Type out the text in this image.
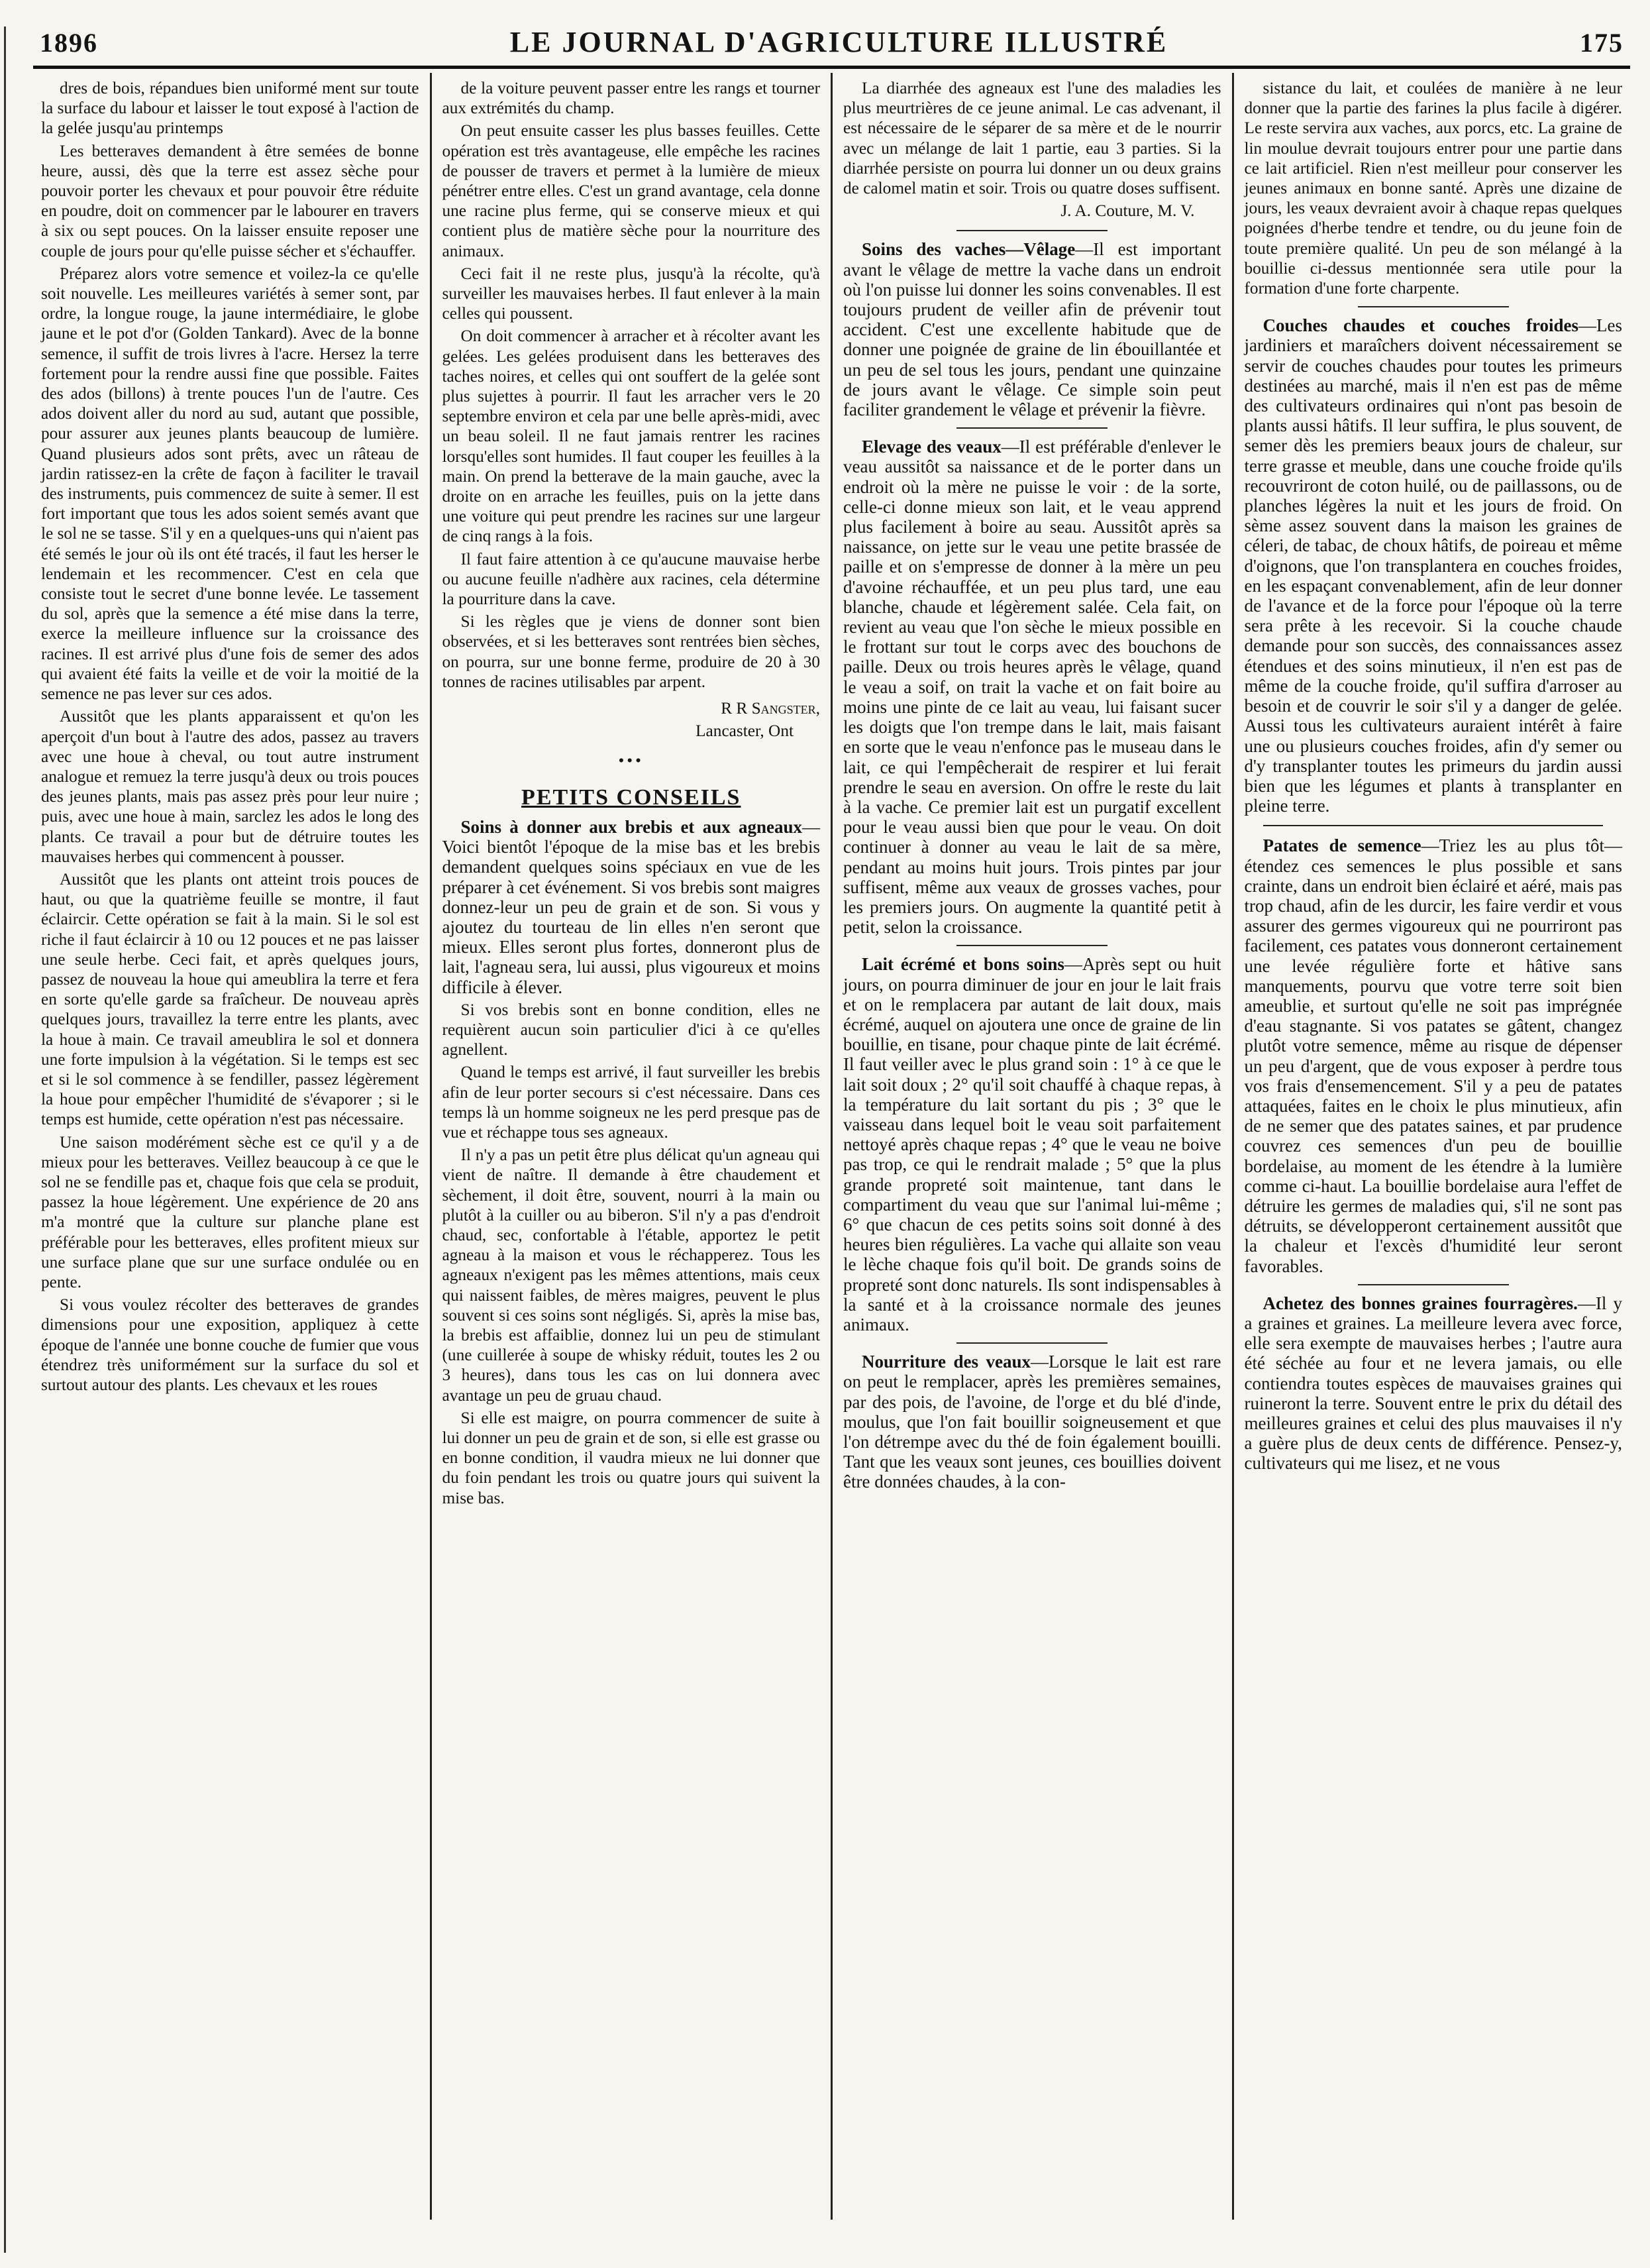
1896	LE JOURNAL D'AGRICULTURE ILLUSTRÉ	175

dres de bois, répandues bien uniformé ment sur toute la surface du labour et laisser le tout exposé à l'action de la gelée jusqu'au printemps

Les betteraves demandent à être semées de bonne heure, aussi, dès que la terre est assez sèche pour pouvoir porter les chevaux et pour pouvoir être réduite en poudre, doit on commencer par le labourer en travers à six ou sept pouces. On la laisser ensuite reposer une couple de jours pour qu'elle puisse sécher et s'échauffer.

Préparez alors votre semence et voilez-la ce qu'elle soit nouvelle. Les meilleures variétés à semer sont, par ordre, la longue rouge, la jaune intermédiaire, le globe jaune et le pot d'or (Golden Tankard). Avec de la bonne semence, il suffit de trois livres à l'acre. Hersez la terre fortement pour la rendre aussi fine que possible. Faites des ados (billons) à trente pouces l'un de l'autre. Ces ados doivent aller du nord au sud, autant que possible, pour assurer aux jeunes plants beaucoup de lumière. Quand plusieurs ados sont prêts, avec un râteau de jardin ratissez-en la crête de façon à faciliter le travail des instruments, puis commencez de suite à semer. Il est fort important que tous les ados soient semés avant que le sol ne se tasse. S'il y en a quelques-uns qui n'aient pas été semés le jour où ils ont été tracés, il faut les herser le lendemain et les recommencer. C'est en cela que consiste tout le secret d'une bonne levée. Le tassement du sol, après que la semence a été mise dans la terre, exerce la meilleure influence sur la croissance des racines. Il est arrivé plus d'une fois de semer des ados qui avaient été faits la veille et de voir la moitié de la semence ne pas lever sur ces ados.

Aussitôt que les plants apparaissent et qu'on les aperçoit d'un bout à l'autre des ados, passez au travers avec une houe à cheval, ou tout autre instrument analogue et remuez la terre jusqu'à deux ou trois pouces des jeunes plants, mais pas assez près pour leur nuire ; puis, avec une houe à main, sarclez les ados le long des plants. Ce travail a pour but de détruire toutes les mauvaises herbes qui commencent à pousser.

Aussitôt que les plants ont atteint trois pouces de haut, ou que la quatrième feuille se montre, il faut éclaircir. Cette opération se fait à la main. Si le sol est riche il faut éclaircir à 10 ou 12 pouces et ne pas laisser une seule herbe. Ceci fait, et après quelques jours, passez de nouveau la houe qui ameublira la terre et fera en sorte qu'elle garde sa fraîcheur. De nouveau après quelques jours, travaillez la terre entre les plants, avec la houe à main. Ce travail ameublira le sol et donnera une forte impulsion à la végétation. Si le temps est sec et si le sol commence à se fendiller, passez légèrement la houe pour empêcher l'humidité de s'évaporer ; si le temps est humide, cette opération n'est pas nécessaire.

Une saison modérément sèche est ce qu'il y a de mieux pour les betteraves. Veillez beaucoup à ce que le sol ne se fendille pas et, chaque fois que cela se produit, passez la houe légèrement. Une expérience de 20 ans m'a montré que la culture sur planche plane est préférable pour les betteraves, elles profitent mieux sur une surface plane que sur une surface ondulée ou en pente.

Si vous voulez récolter des betteraves de grandes dimensions pour une exposition, appliquez à cette époque de l'année une bonne couche de fumier que vous étendrez très uniformément sur la surface du sol et surtout autour des plants. Les chevaux et les roues

de la voiture peuvent passer entre les rangs et tourner aux extrémités du champ.

On peut ensuite casser les plus basses feuilles. Cette opération est très avantageuse, elle empêche les racines de pousser de travers et permet à la lumière de mieux pénétrer entre elles. C'est un grand avantage, cela donne une racine plus ferme, qui se conserve mieux et qui contient plus de matière sèche pour la nourriture des animaux.

Ceci fait il ne reste plus, jusqu'à la récolte, qu'à surveiller les mauvaises herbes. Il faut enlever à la main celles qui poussent.

On doit commencer à arracher et à récolter avant les gelées. Les gelées produisent dans les betteraves des taches noires, et celles qui ont souffert de la gelée sont plus sujettes à pourrir. Il faut les arracher vers le 20 septembre environ et cela par une belle après-midi, avec un beau soleil. Il ne faut jamais rentrer les racines lorsqu'elles sont humides. Il faut couper les feuilles à la main. On prend la betterave de la main gauche, avec la droite on en arrache les feuilles, puis on la jette dans une voiture qui peut prendre les racines sur une largeur de cinq rangs à la fois.

Il faut faire attention à ce qu'aucune mauvaise herbe ou aucune feuille n'adhère aux racines, cela détermine la pourriture dans la cave.

Si les règles que je viens de donner sont bien observées, et si les betteraves sont rentrées bien sèches, on pourra, sur une bonne ferme, produire de 20 à 30 tonnes de racines utilisables par arpent.

R R Sangster,
Lancaster, Ont
•••
PETITS CONSEILS
Soins à donner aux brebis et aux agneaux—Voici bientôt l'époque de la mise bas et les brebis demandent quelques soins spéciaux en vue de les préparer à cet événement. Si vos brebis sont maigres donnez-leur un peu de grain et de son. Si vous y ajoutez du tourteau de lin elles n'en seront que mieux. Elles seront plus fortes, donneront plus de lait, l'agneau sera, lui aussi, plus vigoureux et moins difficile à élever.

Si vos brebis sont en bonne condition, elles ne requièrent aucun soin particulier d'ici à ce qu'elles agnellent.

Quand le temps est arrivé, il faut surveiller les brebis afin de leur porter secours si c'est nécessaire. Dans ces temps là un homme soigneux ne les perd presque pas de vue et réchappe tous ses agneaux.

Il n'y a pas un petit être plus délicat qu'un agneau qui vient de naître. Il demande à être chaudement et sèchement, il doit être, souvent, nourri à la main ou plutôt à la cuiller ou au biberon. S'il n'y a pas d'endroit chaud, sec, confortable à l'étable, apportez le petit agneau à la maison et vous le réchapperez. Tous les agneaux n'exigent pas les mêmes attentions, mais ceux qui naissent faibles, de mères maigres, peuvent le plus souvent si ces soins sont négligés. Si, après la mise bas, la brebis est affaiblie, donnez lui un peu de stimulant (une cuillerée à soupe de whisky réduit, toutes les 2 ou 3 heures), dans tous les cas on lui donnera avec avantage un peu de gruau chaud.

Si elle est maigre, on pourra commencer de suite à lui donner un peu de grain et de son, si elle est grasse ou en bonne condition, il vaudra mieux ne lui donner que du foin pendant les trois ou quatre jours qui suivent la mise bas.

La diarrhée des agneaux est l'une des maladies les plus meurtrières de ce jeune animal. Le cas advenant, il est nécessaire de le séparer de sa mère et de le nourrir avec un mélange de lait 1 partie, eau 3 parties. Si la diarrhée persiste on pourra lui donner un ou deux grains de calomel matin et soir. Trois ou quatre doses suffisent.

J. A. Couture, M. V.
Soins des vaches—Vêlage—Il est important avant le vêlage de mettre la vache dans un endroit où l'on puisse lui donner les soins convenables. Il est toujours prudent de veiller afin de prévenir tout accident. C'est une excellente habitude que de donner une poignée de graine de lin ébouillantée et un peu de sel tous les jours, pendant une quinzaine de jours avant le vêlage. Ce simple soin peut faciliter grandement le vêlage et prévenir la fièvre.
Elevage des veaux—Il est préférable d'enlever le veau aussitôt sa naissance et de le porter dans un endroit où la mère ne puisse le voir : de la sorte, celle-ci donne mieux son lait, et le veau apprend plus facilement à boire au seau. Aussitôt après sa naissance, on jette sur le veau une petite brassée de paille et on s'empresse de donner à la mère un peu d'avoine réchauffée, et un peu plus tard, une eau blanche, chaude et légèrement salée. Cela fait, on revient au veau que l'on sèche le mieux possible en le frottant sur tout le corps avec des bouchons de paille. Deux ou trois heures après le vêlage, quand le veau a soif, on trait la vache et on fait boire au moins une pinte de ce lait au veau, lui faisant sucer les doigts que l'on trempe dans le lait, mais faisant en sorte que le veau n'enfonce pas le museau dans le lait, ce qui l'empêcherait de respirer et lui ferait prendre le seau en aversion. On offre le reste du lait à la vache. Ce premier lait est un purgatif excellent pour le veau aussi bien que pour le veau. On doit continuer à donner au veau le lait de sa mère, pendant au moins huit jours. Trois pintes par jour suffisent, même aux veaux de grosses vaches, pour les premiers jours. On augmente la quantité petit à petit, selon la croissance.
Lait écrémé et bons soins—Après sept ou huit jours, on pourra diminuer de jour en jour le lait frais et on le remplacera par autant de lait doux, mais écrémé, auquel on ajoutera une once de graine de lin bouillie, en tisane, pour chaque pinte de lait écrémé. Il faut veiller avec le plus grand soin : 1° à ce que le lait soit doux ; 2° qu'il soit chauffé à chaque repas, à la température du lait sortant du pis ; 3° que le vaisseau dans lequel boit le veau soit parfaitement nettoyé après chaque repas ; 4° que le veau ne boive pas trop, ce qui le rendrait malade ; 5° que la plus grande propreté soit maintenue, tant dans le compartiment du veau que sur l'animal lui-même ; 6° que chacun de ces petits soins soit donné à des heures bien régulières. La vache qui allaite son veau le lèche chaque fois qu'il boit. De grands soins de propreté sont donc naturels. Ils sont indispensables à la santé et à la croissance normale des jeunes animaux.
Nourriture des veaux—Lorsque le lait est rare on peut le remplacer, après les premières semaines, par des pois, de l'avoine, de l'orge et du blé d'inde, moulus, que l'on fait bouillir soigneusement et que l'on détrempe avec du thé de foin également bouilli. Tant que les veaux sont jeunes, ces bouillies doivent être données chaudes, à la con-

sistance du lait, et coulées de manière à ne leur donner que la partie des farines la plus facile à digérer. Le reste servira aux vaches, aux porcs, etc. La graine de lin moulue devrait toujours entrer pour une partie dans ce lait artificiel. Rien n'est meilleur pour conserver les jeunes animaux en bonne santé. Après une dizaine de jours, les veaux devraient avoir à chaque repas quelques poignées d'herbe tendre et tendre, ou du jeune foin de toute première qualité. Un peu de son mélangé à la bouillie ci-dessus mentionnée sera utile pour la formation d'une forte charpente.

Couches chaudes et couches froides—Les jardiniers et maraîchers doivent nécessairement se servir de couches chaudes pour toutes les primeurs destinées au marché, mais il n'en est pas de même des cultivateurs ordinaires qui n'ont pas besoin de plants aussi hâtifs. Il leur suffira, le plus souvent, de semer dès les premiers beaux jours de chaleur, sur terre grasse et meuble, dans une couche froide qu'ils recouvriront de coton huilé, ou de paillassons, ou de planches légères la nuit et les jours de froid. On sème assez souvent dans la maison les graines de céleri, de tabac, de choux hâtifs, de poireau et même d'oignons, que l'on transplantera en couches froides, en les espaçant convenablement, afin de leur donner de l'avance et de la force pour l'époque où la terre sera prête à les recevoir. Si la couche chaude demande pour son succès, des connaissances assez étendues et des soins minutieux, il n'en est pas de même de la couche froide, qu'il suffira d'arroser au besoin et de couvrir le soir s'il y a danger de gelée. Aussi tous les cultivateurs auraient intérêt à faire une ou plusieurs couches froides, afin d'y semer ou d'y transplanter toutes les primeurs du jardin aussi bien que les légumes et plants à transplanter en pleine terre.
Patates de semence—Triez les au plus tôt—étendez ces semences le plus possible et sans crainte, dans un endroit bien éclairé et aéré, mais pas trop chaud, afin de les durcir, les faire verdir et vous assurer des germes vigoureux qui ne pourriront pas facilement, ces patates vous donneront certainement une levée régulière forte et hâtive sans manquements, pourvu que votre terre soit bien ameublie, et surtout qu'elle ne soit pas imprégnée d'eau stagnante. Si vos patates se gâtent, changez plutôt votre semence, même au risque de dépenser un peu d'argent, que de vous exposer à perdre tous vos frais d'ensemencement. S'il y a peu de patates attaquées, faites en le choix le plus minutieux, afin de ne semer que des patates saines, et par prudence couvrez ces semences d'un peu de bouillie bordelaise, au moment de les étendre à la lumière comme ci-haut. La bouillie bordelaise aura l'effet de détruire les germes de maladies qui, s'il ne sont pas détruits, se développeront certainement aussitôt que la chaleur et l'excès d'humidité leur seront favorables.
Achetez des bonnes graines fourragères.—Il y a graines et graines. La meilleure levera avec force, elle sera exempte de mauvaises herbes ; l'autre aura été séchée au four et ne levera jamais, ou elle contiendra toutes espèces de mauvaises graines qui ruineront la terre. Souvent entre le prix du détail des meilleures graines et celui des plus mauvaises il n'y a guère plus de deux cents de différence. Pensez-y, cultivateurs qui me lisez, et ne vous
